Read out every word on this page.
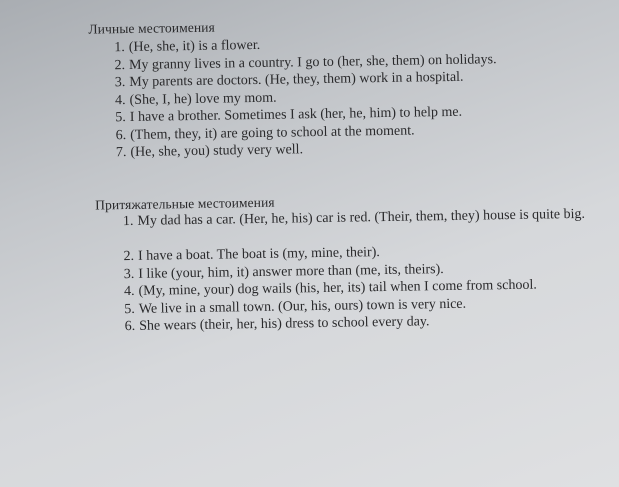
Личные местоимения
1. (He, she, it) is a flower.
2. My granny lives in a country. I go to (her, she, them) on holidays.
3. My parents are doctors. (He, they, them) work in a hospital.
4. (She, I, he) love my mom.
5. I have a brother. Sometimes I ask (her, he, him) to help me.
6. (Them, they, it) are going to school at the moment.
7. (He, she, you) study very well.
Притяжательные местоимения
1. My dad has a car. (Her, he, his) car is red. (Their, them, they) house is quite big.
2. I have a boat. The boat is (my, mine, their).
3. I like (your, him, it) answer more than (me, its, theirs).
4. (My, mine, your) dog wails (his, her, its) tail when I come from school.
5. We live in a small town. (Our, his, ours) town is very nice.
6. She wears (their, her, his) dress to school every day.
